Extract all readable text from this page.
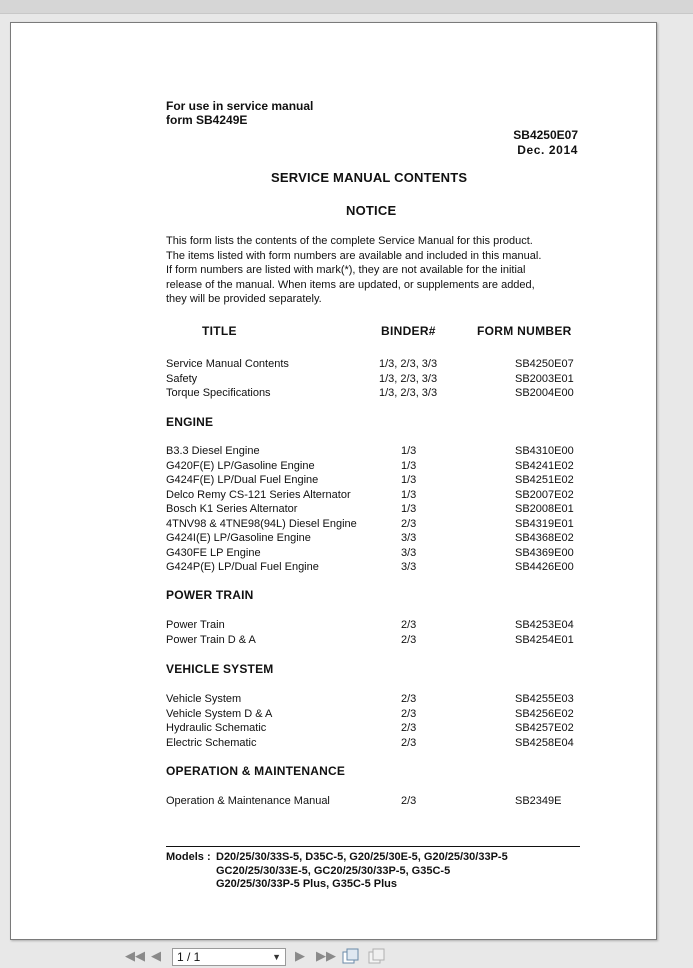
For use in service manual
form SB4249E
SB4250E07
Dec. 2014
SERVICE MANUAL CONTENTS
NOTICE
This form lists the contents of the complete Service Manual for this product.
The items listed with form numbers are available and included in this manual.
If form numbers are listed with mark(*), they are not available for the initial
release of the manual. When items are updated, or supplements are added,
they will be provided separately.
TITLE	BINDER#	FORM NUMBER
Service Manual Contents	1/3, 2/3, 3/3	SB4250E07
Safety	1/3, 2/3, 3/3	SB2003E01
Torque Specifications	1/3, 2/3, 3/3	SB2004E00
ENGINE
B3.3 Diesel Engine	1/3	SB4310E00
G420F(E) LP/Gasoline Engine	1/3	SB4241E02
G424F(E) LP/Dual Fuel Engine	1/3	SB4251E02
Delco Remy CS-121 Series Alternator	1/3	SB2007E02
Bosch K1 Series Alternator	1/3	SB2008E01
4TNV98 & 4TNE98(94L) Diesel Engine	2/3	SB4319E01
G424I(E) LP/Gasoline Engine	3/3	SB4368E02
G430FE LP Engine	3/3	SB4369E00
G424P(E) LP/Dual Fuel Engine	3/3	SB4426E00
POWER TRAIN
Power Train	2/3	SB4253E04
Power Train D & A	2/3	SB4254E01
VEHICLE SYSTEM
Vehicle System	2/3	SB4255E03
Vehicle System D & A	2/3	SB4256E02
Hydraulic Schematic	2/3	SB4257E02
Electric Schematic	2/3	SB4258E04
OPERATION & MAINTENANCE
Operation & Maintenance Manual	2/3	SB2349E
Models : D20/25/30/33S-5, D35C-5, G20/25/30E-5, G20/25/30/33P-5
GC20/25/30/33E-5, GC20/25/30/33P-5, G35C-5
G20/25/30/33P-5 Plus, G35C-5 Plus
◀◀ ◀	1 / 1	▼ ▶ ▶▶
